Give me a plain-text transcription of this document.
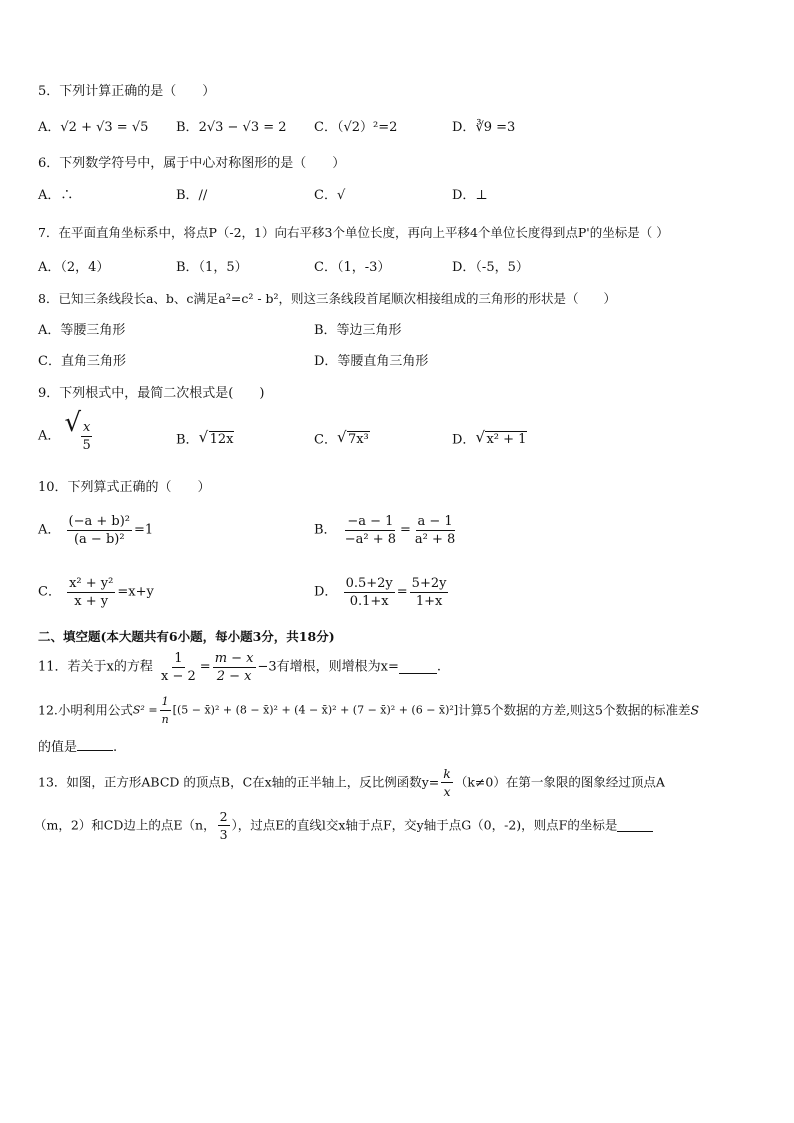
5．下列计算正确的是（　　）
A．√2 + √3 = √5 B．2√3 − √3 = 2 C．（√2）²=2	D．∛9 =3
6．下列数学符号中，属于中心对称图形的是（　　）
A．∴	B．//	C．√	D．⊥
7．在平面直角坐标系中，将点P（-2，1）向右平移3个单位长度，再向上平移4个单位长度得到点P'的坐标是（ ）
A．（2，4）	B．（1，5）	C．（1，-3）	D．（-5，5）
8．已知三条线段长a、b、c满足a²=c² - b²，则这三条线段首尾顺次相接组成的三角形的形状是（　　）
A．等腰三角形	B．等边三角形
C．直角三角形	D．等腰直角三角形
9．下列根式中，最简二次根式是(　　)
A． √ $\frac{x}{5}$	B． √ 12x	C． √ 7x³	D． √ x² + 1
10．下列算式正确的（　　）
A． $\frac{\text{(−a + b)²}}{\text{(a − b)²}} =1$	B． $\frac{-a - 1}{\text{−a² + 8}} = \frac{a - 1}{\text{a² + 8}}$
C． $\frac{\text{x² + y²}}{x + y} =x+y$	D． $\frac{0.5+2y}{0.1+x} = \frac{5+2y}{1+x}$
二、填空题(本大题共有6小题，每小题3分，共18分)
11．若关于x的方程 $\frac{1}{x - 2} = \frac{m - x}{2 - x} -3$有增根，则增根为x=	.
12.小明利用公式$S^2 = \frac{1}{n} [(5$ − x̄)² + (8 − x̄)² + (4 − x̄)² + (7 − x̄)² + (6 − x̄)²]计算5个数据的方差,则这5个数据的标准差S
的值是	.
13．如图，正方形ABCD 的顶点B，C在x轴的正半轴上，反比例函数$y= \frac{k}{x} (k\ne 0)$在第一象限的图象经过顶点A
（m，2）和CD边上的点E（n， $\frac{2}{3}$ ），过点E的直线l交x轴于点F，交y轴于点G（0，-2)，则点F的坐标是
